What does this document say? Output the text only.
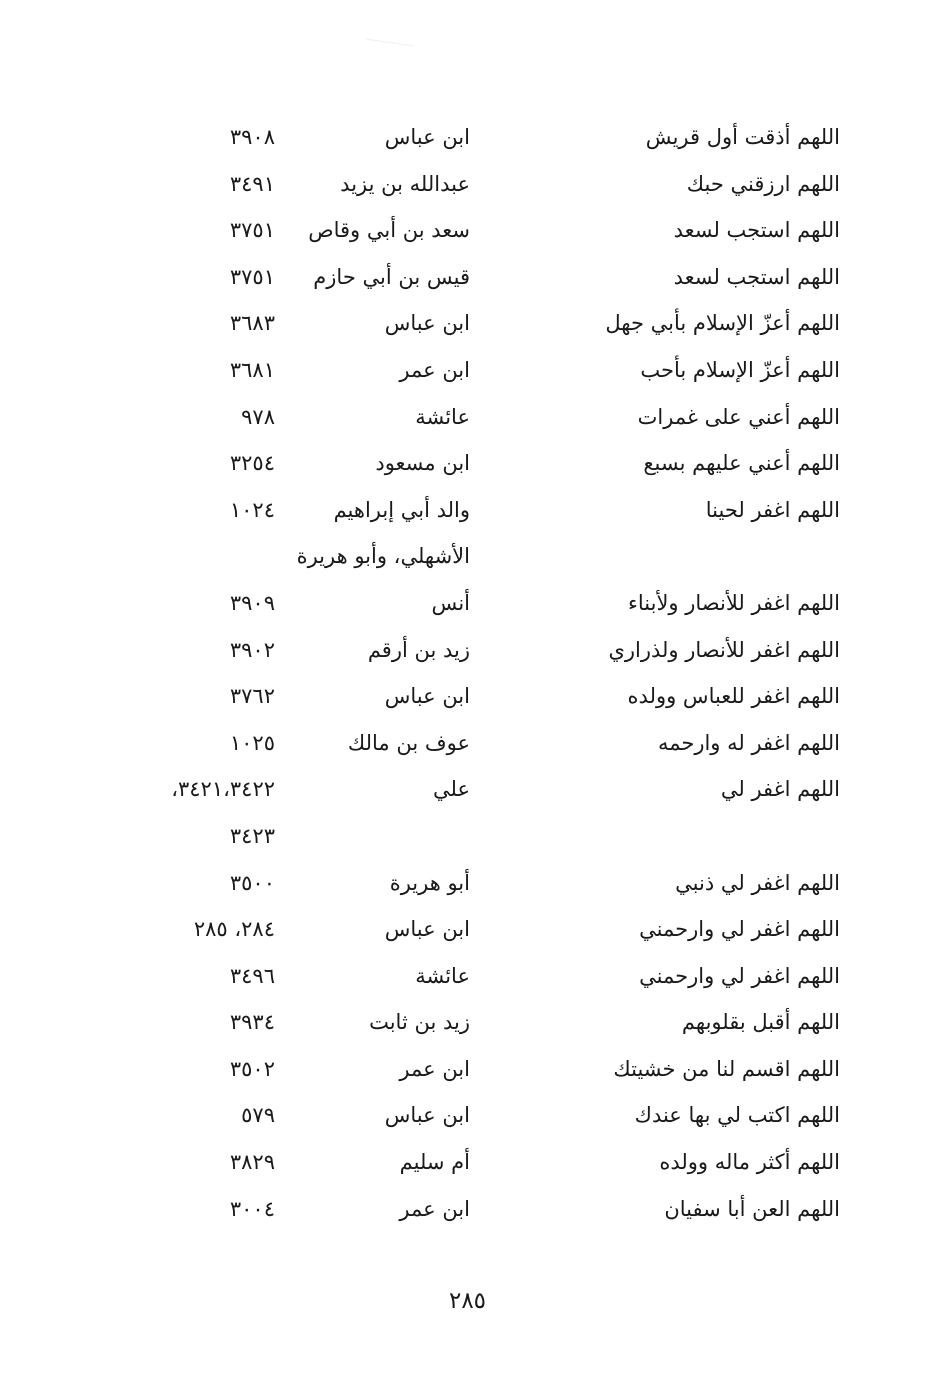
اللهم أذقت أول قريش
ابن عباس
٣٩٠٨
اللهم ارزقني حبك
عبدالله بن يزيد
٣٤٩١
اللهم استجب لسعد
سعد بن أبي وقاص
٣٧٥١
اللهم استجب لسعد
قيس بن أبي حازم
٣٧٥١
اللهم أعزّ الإسلام بأبي جهل
ابن عباس
٣٦٨٣
اللهم أعزّ الإسلام بأحب
ابن عمر
٣٦٨١
اللهم أعني على غمرات
عائشة
٩٧٨
اللهم أعني عليهم بسبع
ابن مسعود
٣٢٥٤
اللهم اغفر لحينا
والد أبي إبراهيم
١٠٢٤
الأشهلي، وأبو هريرة
اللهم اغفر للأنصار ولأبناء
أنس
٣٩٠٩
اللهم اغفر للأنصار ولذراري
زيد بن أرقم
٣٩٠٢
اللهم اغفر للعباس وولده
ابن عباس
٣٧٦٢
اللهم اغفر له وارحمه
عوف بن مالك
١٠٢٥
اللهم اغفر لي
علي
٣٤٢١،٣٤٢٢،
٣٤٢٣
اللهم اغفر لي ذنبي
أبو هريرة
٣٥٠٠
اللهم اغفر لي وارحمني
ابن عباس
٢٨٤، ٢٨٥
اللهم اغفر لي وارحمني
عائشة
٣٤٩٦
اللهم أقبل بقلوبهم
زيد بن ثابت
٣٩٣٤
اللهم اقسم لنا من خشيتك
ابن عمر
٣٥٠٢
اللهم اكتب لي بها عندك
ابن عباس
٥٧٩
اللهم أكثر ماله وولده
أم سليم
٣٨٢٩
اللهم العن أبا سفيان
ابن عمر
٣٠٠٤
٢٨٥
